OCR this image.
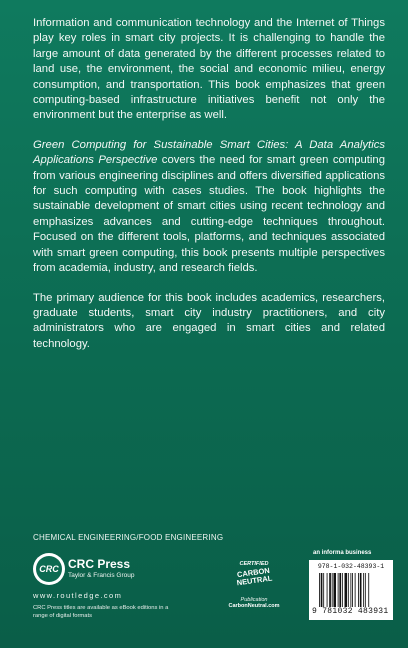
Information and communication technology and the Internet of Things play key roles in smart city projects. It is challenging to handle the large amount of data generated by the different processes related to land use, the environment, the social and economic milieu, energy consumption, and transportation. This book emphasizes that green computing-based infrastructure initiatives benefit not only the environment but the enterprise as well.

Green Computing for Sustainable Smart Cities: A Data Analytics Applications Perspective covers the need for smart green computing from various engineering disciplines and offers diversified applications for such computing with cases studies. The book highlights the sustainable development of smart cities using recent technology and emphasizes advances and cutting-edge techniques throughout. Focused on the different tools, platforms, and techniques associated with smart green computing, this book presents multiple perspectives from academia, industry, and research fields.

The primary audience for this book includes academics, researchers, graduate students, smart city industry practitioners, and city administrators who are engaged in smart cities and related technology.

CHEMICAL ENGINEERING/FOOD ENGINEERING
CRC CRC Press
Taylor & Francis Group
www.routledge.com
CRC Press titles are available as eBook editions in a range of digital formats
CERTIFIED
CARBON NEUTRAL
Publication
CarbonNeutral.com
an informa business
978-1-032-48393-1
9 781032 483931
